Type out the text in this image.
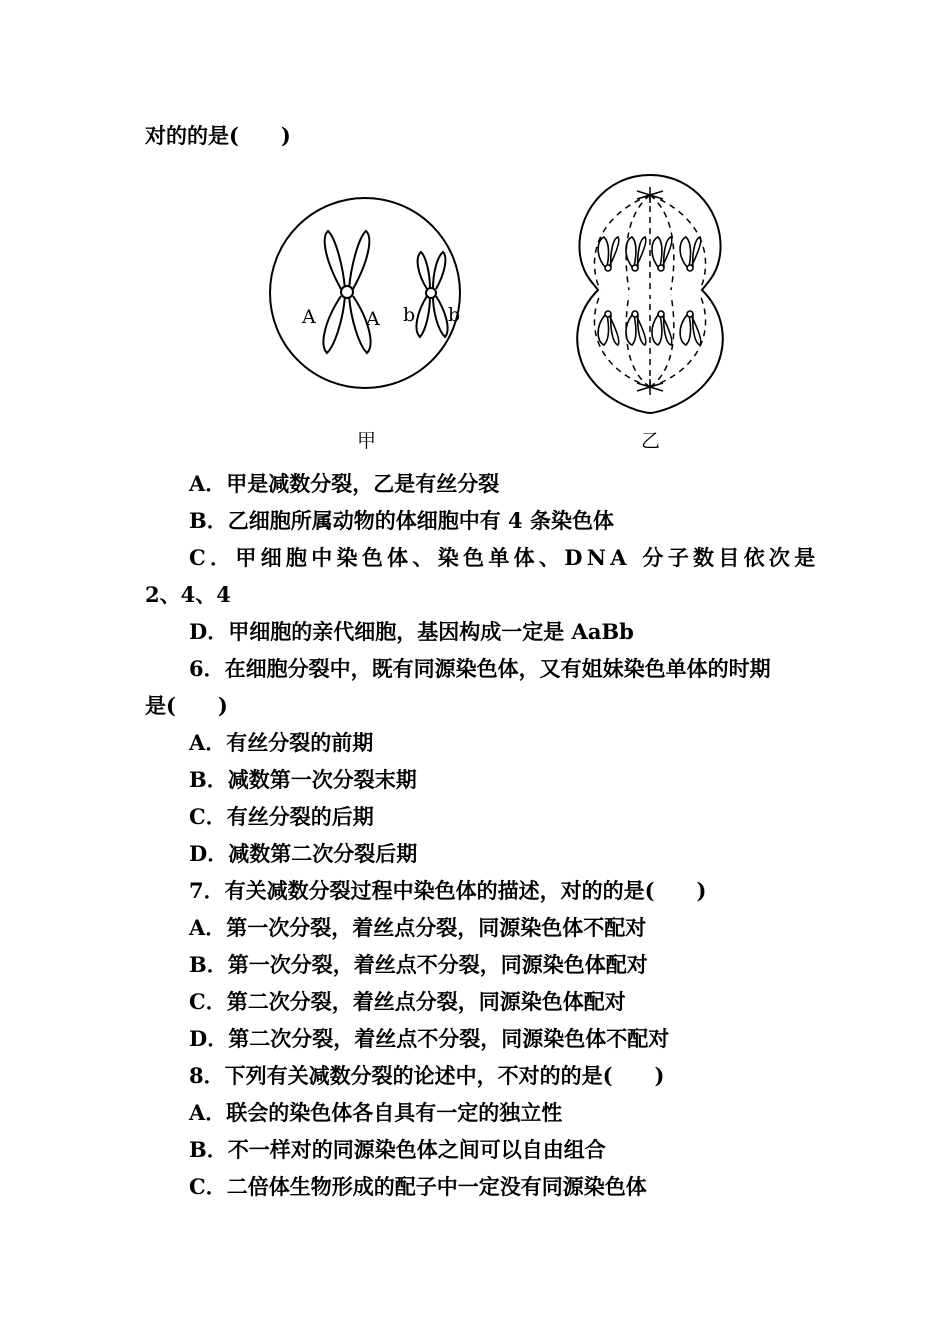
对的的是(　　)
A	A b b
甲	乙
A．甲是减数分裂，乙是有丝分裂
B．乙细胞所属动物的体细胞中有 4 条染色体
C．甲细胞中染色体、染色单体、DNA 分子数目依次是
2、4、4
D．甲细胞的亲代细胞，基因构成一定是 AaBb
6．在细胞分裂中，既有同源染色体，又有姐妹染色单体的时期
是(　　)
A．有丝分裂的前期
B．减数第一次分裂末期
C．有丝分裂的后期
D．减数第二次分裂后期
7．有关减数分裂过程中染色体的描述，对的的是(　　)
A．第一次分裂，着丝点分裂，同源染色体不配对
B．第一次分裂，着丝点不分裂，同源染色体配对
C．第二次分裂，着丝点分裂，同源染色体配对
D．第二次分裂，着丝点不分裂，同源染色体不配对
8．下列有关减数分裂的论述中，不对的的是(　　)
A．联会的染色体各自具有一定的独立性
B．不一样对的同源染色体之间可以自由组合
C．二倍体生物形成的配子中一定没有同源染色体
